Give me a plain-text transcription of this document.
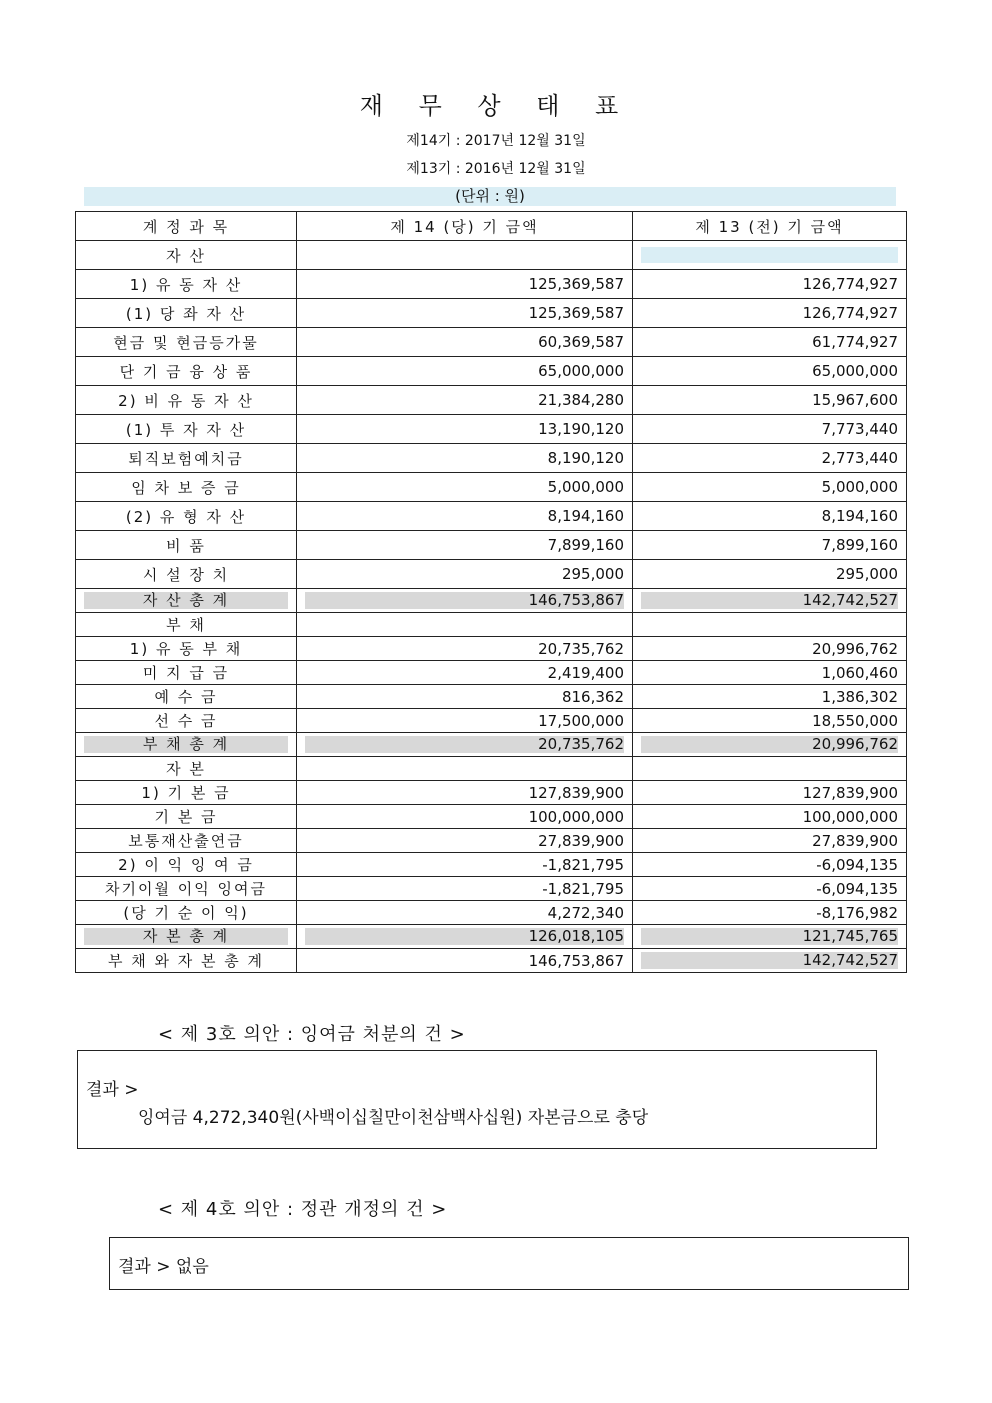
재 무 상 태 표
제14기 : 2017년 12월 31일
제13기 : 2016년 12월 31일
(단위 : 원)
계 정 과 목	제 14 (당) 기 금액	제 13 (전) 기 금액
자 산		

1) 유 동 자 산	125,369,587	126,774,927
(1) 당 좌 자 산	125,369,587	126,774,927
현금 및 현금등가물	60,369,587	61,774,927
단 기 금 융 상 품	65,000,000	65,000,000
2) 비 유 동 자 산	21,384,280	15,967,600
(1) 투 자 자 산	13,190,120	7,773,440
퇴직보험예치금	8,190,120	2,773,440
임 차 보 증 금	5,000,000	5,000,000
(2) 유 형 자 산	8,194,160	8,194,160
비 품	7,899,160	7,899,160
시 설 장 치	295,000	295,000

자 산 총 계	146,753,867	142,742,527

부 채		
1) 유 동 부 채	20,735,762	20,996,762
미 지 급 금	2,419,400	1,060,460
예 수 금	816,362	1,386,302
선 수 금	17,500,000	18,550,000

부 채 총 계	20,735,762	20,996,762

자 본		
1) 기 본 금	127,839,900	127,839,900
기 본 금	100,000,000	100,000,000
보통재산출연금	27,839,900	27,839,900
2) 이 익 잉 여 금	-1,821,795	-6,094,135
차기이월 이익 잉여금	-1,821,795	-6,094,135
(당 기 순 이 익)	4,272,340	-8,176,982

자 본 총 계	126,018,105	121,745,765

부 채 와 자 본 총 계	146,753,867	142,742,527
< 제 3호 의안 : 잉여금 처분의 건 >
결과 >
잉여금 4,272,340원(사백이십칠만이천삼백사십원) 자본금으로 충당
< 제 4호 의안 : 정관 개정의 건 >
결과 > 없음
